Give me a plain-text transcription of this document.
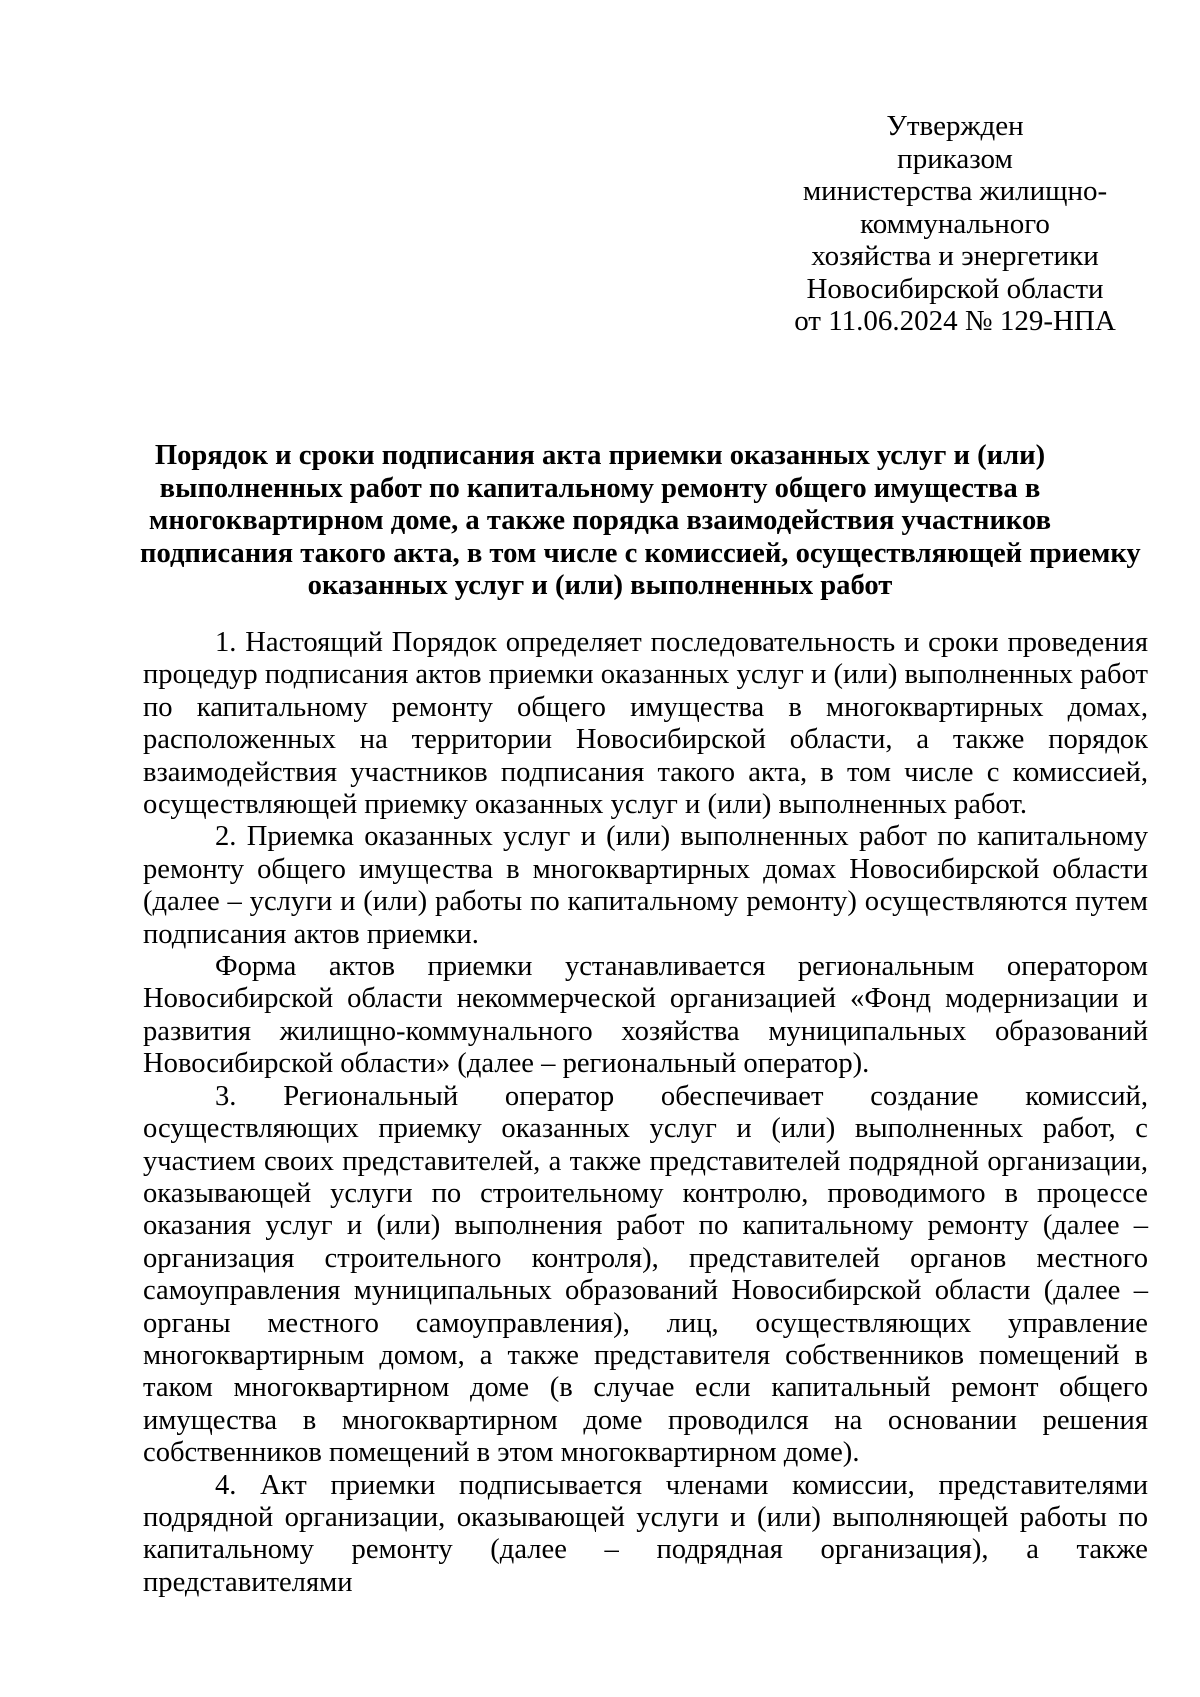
Утвержден
приказом
министерства жилищно-
коммунального
хозяйства и энергетики
Новосибирской области
от 11.06.2024 № 129-НПА
Порядок и сроки подписания акта приемки оказанных услуг и (или)
выполненных работ по капитальному ремонту общего имущества в
многоквартирном доме, а также порядка взаимодействия участников
подписания такого акта, в том числе с комиссией, осуществляющей приемку
оказанных услуг и (или) выполненных работ

1. Настоящий Порядок определяет последовательность и сроки проведения процедур подписания актов приемки оказанных услуг и (или) выполненных работ по капитальному ремонту общего имущества в многоквартирных домах, расположенных на территории Новосибирской области, а также порядок взаимодействия участников подписания такого акта, в том числе с комиссией, осуществляющей приемку оказанных услуг и (или) выполненных работ.

2. Приемка оказанных услуг и (или) выполненных работ по капитальному ремонту общего имущества в многоквартирных домах Новосибирской области (далее – услуги и (или) работы по капитальному ремонту) осуществляются путем подписания актов приемки.

Форма актов приемки устанавливается региональным оператором Новосибирской области некоммерческой организацией «Фонд модернизации и развития жилищно-коммунального хозяйства муниципальных образований Новосибирской области» (далее – региональный оператор).

3. Региональный оператор обеспечивает создание комиссий, осуществляющих приемку оказанных услуг и (или) выполненных работ, с участием своих представителей, а также представителей подрядной организации, оказывающей услуги по строительному контролю, проводимого в процессе оказания услуг и (или) выполнения работ по капитальному ремонту (далее – организация строительного контроля), представителей органов местного самоуправления муниципальных образований Новосибирской области (далее – органы местного самоуправления), лиц, осуществляющих управление многоквартирным домом, а также представителя собственников помещений в таком многоквартирном доме (в случае если капитальный ремонт общего имущества в многоквартирном доме проводился на основании решения собственников помещений в этом многоквартирном доме).

4. Акт приемки подписывается членами комиссии, представителями подрядной организации, оказывающей услуги и (или) выполняющей работы по капитальному ремонту (далее – подрядная организация), а также представителями
